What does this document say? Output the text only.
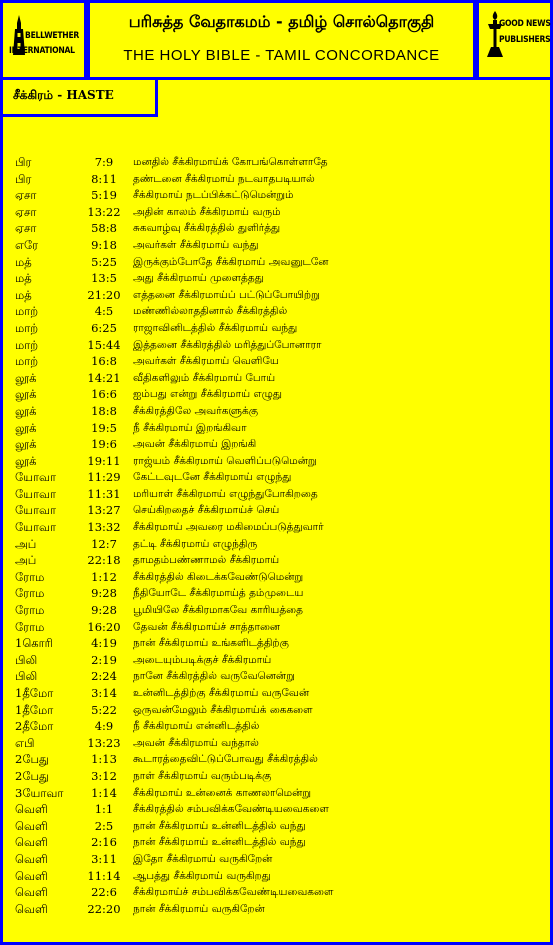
BELLWETHER
INTERNATIONAL
பரிசுத்த வேதாகமம் - தமிழ் சொல்தொகுதி
THE HOLY BIBLE - TAMIL CONCORDANCE
GOOD NEWS
PUBLISHERS
சீக்கிரம் - HASTE
பிர	7:9	மனதில் சீக்கிரமாய்க் கோபங்கொள்ளாதே
பிர	8:11	தண்டனை சீக்கிரமாய் நடவாதபடியால்
ஏசா	5:19	சீக்கிரமாய் நடப்பிக்கட்டுமென்றும்
ஏசா	13:22	அதின் காலம் சீக்கிரமாய் வரும்
ஏசா	58:8	சுகவாழ்வு சீக்கிரத்தில் துளிர்த்து
எரே	9:18	அவர்கள் சீக்கிரமாய் வந்து
மத்	5:25	இருக்கும்போதே சீக்கிரமாய் அவனுடனே
மத்	13:5	அது சீக்கிரமாய் முளைத்தது
மத்	21:20	எத்தனை சீக்கிரமாய்ப் பட்டுப்போயிற்று
மாற்	4:5	மண்ணில்லாததினால் சீக்கிரத்தில்
மாற்	6:25	ராஜாவினிடத்தில் சீக்கிரமாய் வந்து
மாற்	15:44	இத்தனை சீக்கிரத்தில் மரித்துப்போனாரா
மாற்	16:8	அவர்கள் சீக்கிரமாய் வெளியே
லூக்	14:21	வீதிகளிலும் சீக்கிரமாய் போய்
லூக்	16:6	ஐம்பது என்று சீக்கிரமாய் எழுது
லூக்	18:8	சீக்கிரத்திலே அவர்களுக்கு
லூக்	19:5	நீ சீக்கிரமாய் இறங்கிவா
லூக்	19:6	அவன் சீக்கிரமாய் இறங்கி
லூக்	19:11	ராஜ்யம் சீக்கிரமாய் வெளிப்படுமென்று
யோவா	11:29	கேட்டவுடனே சீக்கிரமாய் எழுந்து
யோவா	11:31	மரியாள் சீக்கிரமாய் எழுந்துபோகிறதை
யோவா	13:27	செய்கிறதைச் சீக்கிரமாய்ச் செய்
யோவா	13:32	சீக்கிரமாய் அவரை மகிமைப்படுத்துவார்
அப்	12:7	தட்டி சீக்கிரமாய் எழுந்திரு
அப்	22:18	தாமதம்பண்ணாமல் சீக்கிரமாய்
ரோம	1:12	சீக்கிரத்தில் கிடைக்கவேண்டுமென்று
ரோம	9:28	நீதியோடே சீக்கிரமாய்த் தம்முடைய
ரோம	9:28	பூமியிலே சீக்கிரமாகவே காரியத்தை
ரோம	16:20	தேவன் சீக்கிரமாய்ச் சாத்தானை
1கொரி	4:19	நான் சீக்கிரமாய் உங்களிடத்திற்கு
பிலி	2:19	அடையும்படிக்குச் சீக்கிரமாய்
பிலி	2:24	நானே சீக்கிரத்தில் வருவேனென்று
1தீமோ	3:14	உன்னிடத்திற்கு சீக்கிரமாய் வருவேன்
1தீமோ	5:22	ஒருவன்மேலும் சீக்கிரமாய்க் கைகளை
2தீமோ	4:9	நீ சீக்கிரமாய் என்னிடத்தில்
எபி	13:23	அவன் சீக்கிரமாய் வந்தால்
2பேது	1:13	கூடாரத்தைவிட்டுப்போவது சீக்கிரத்தில்
2பேது	3:12	நாள் சீக்கிரமாய் வரும்படிக்கு
3யோவா	1:14	சீக்கிரமாய் உன்னைக் காணலாமென்று
வெளி	1:1	சீக்கிரத்தில் சம்பவிக்கவேண்டியவைகளை
வெளி	2:5	நான் சீக்கிரமாய் உன்னிடத்தில் வந்து
வெளி	2:16	நான் சீக்கிரமாய் உன்னிடத்தில் வந்து
வெளி	3:11	இதோ சீக்கிரமாய் வருகிறேன்
வெளி	11:14	ஆபத்து சீக்கிரமாய் வருகிறது
வெளி	22:6	சீக்கிரமாய்ச் சம்பவிக்கவேண்டியவைகளை
வெளி	22:20	நான் சீக்கிரமாய் வருகிறேன்
